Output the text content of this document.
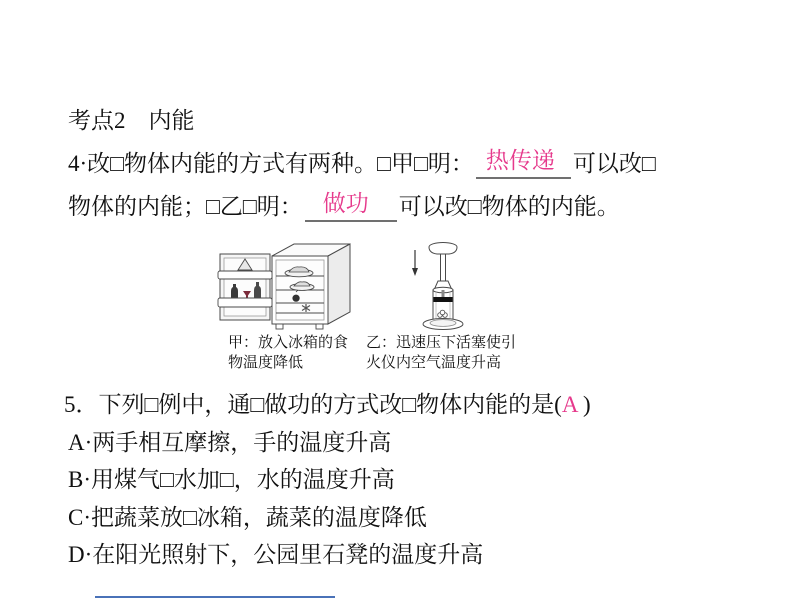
考点2　内能
4·改□物体内能的方式有两种。□甲□明： 热传递 可以改□
物体的内能；□乙□明： 做功 可以改□物体的内能。
甲：放入冰箱的食
物温度降低
乙：迅速压下活塞使引
火仪内空气温度升高
5．下列□例中，通□做功的方式改□物体内能的是(A )
A·两手相互摩擦，手的温度升高
B·用煤气□水加□，水的温度升高
C·把蔬菜放□冰箱，蔬菜的温度降低
D·在阳光照射下，公园里石凳的温度升高
